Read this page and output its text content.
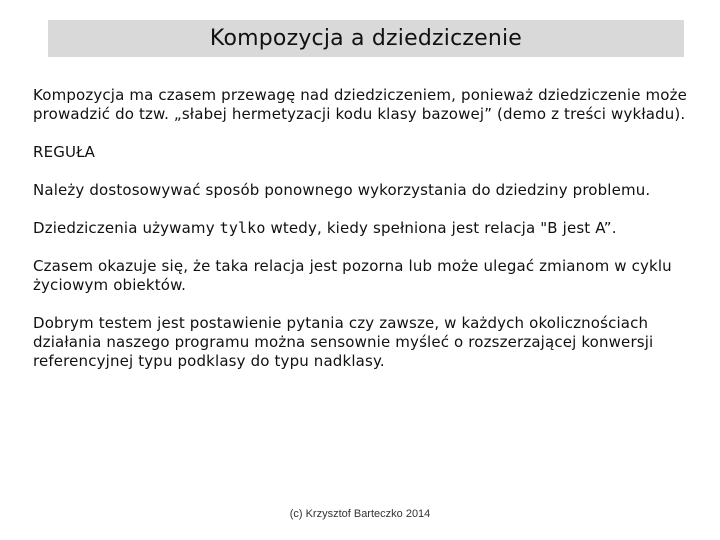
Kompozycja a dziedziczenie

Kompozycja ma czasem przewagę nad dziedziczeniem, ponieważ dziedziczenie może prowadzić do tzw. „słabej hermetyzacji kodu klasy bazowej” (demo z treści wykładu).

REGUŁA

Należy dostosowywać sposób ponownego wykorzystania do dziedziny problemu.

Dziedziczenia używamy tylko wtedy, kiedy spełniona jest relacja "B jest A”.

Czasem okazuje się, że taka relacja jest pozorna lub może ulegać zmianom w cyklu życiowym obiektów.

Dobrym testem jest postawienie pytania czy zawsze, w każdych okolicznościach działania naszego programu można sensownie myśleć o rozszerzającej konwersji referencyjnej typu podklasy do typu nadklasy.

(c) Krzysztof Barteczko 2014
